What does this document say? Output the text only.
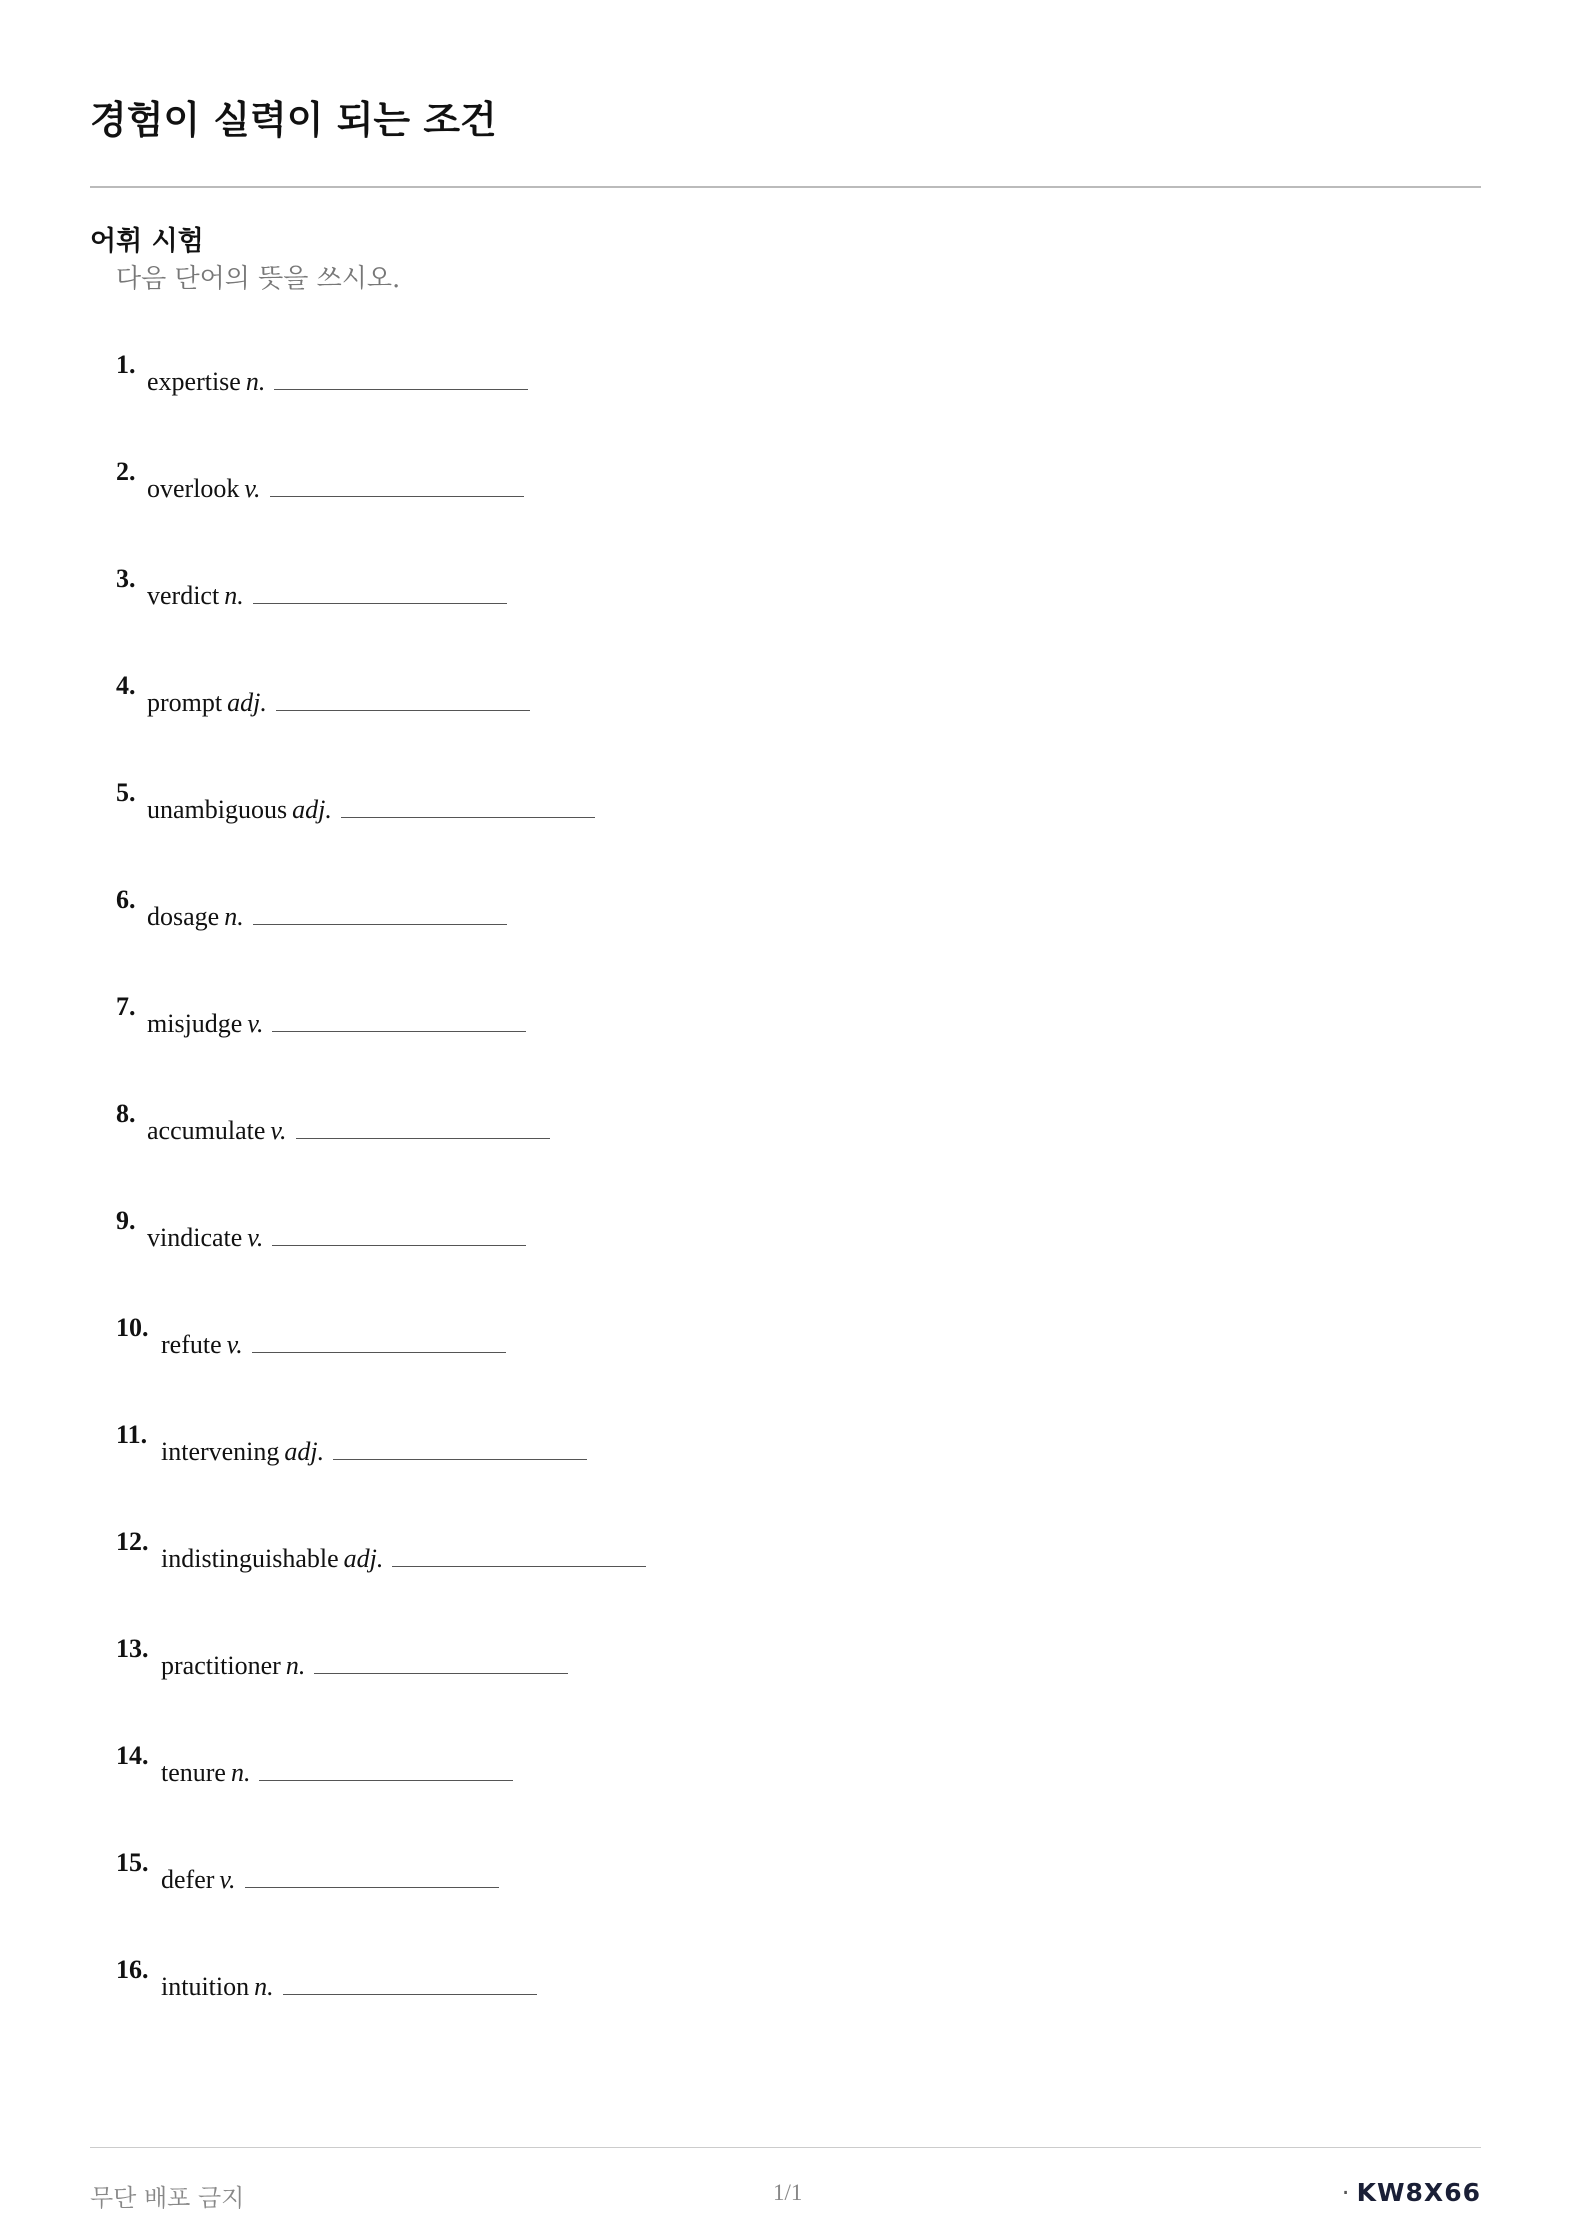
경험이 실력이 되는 조건
어휘 시험
다음 단어의 뜻을 쓰시오.
1.
expertise n.
2.
overlook v.
3.
verdict n.
4.
prompt adj.
5.
unambiguous adj.
6.
dosage n.
7.
misjudge v.
8.
accumulate v.
9.
vindicate v.
10.
refute v.
11.
intervening adj.
12.
indistinguishable adj.
13.
practitioner n.
14.
tenure n.
15.
defer v.
16.
intuition n.
무단 배포 금지	1/1	· KW8X66
